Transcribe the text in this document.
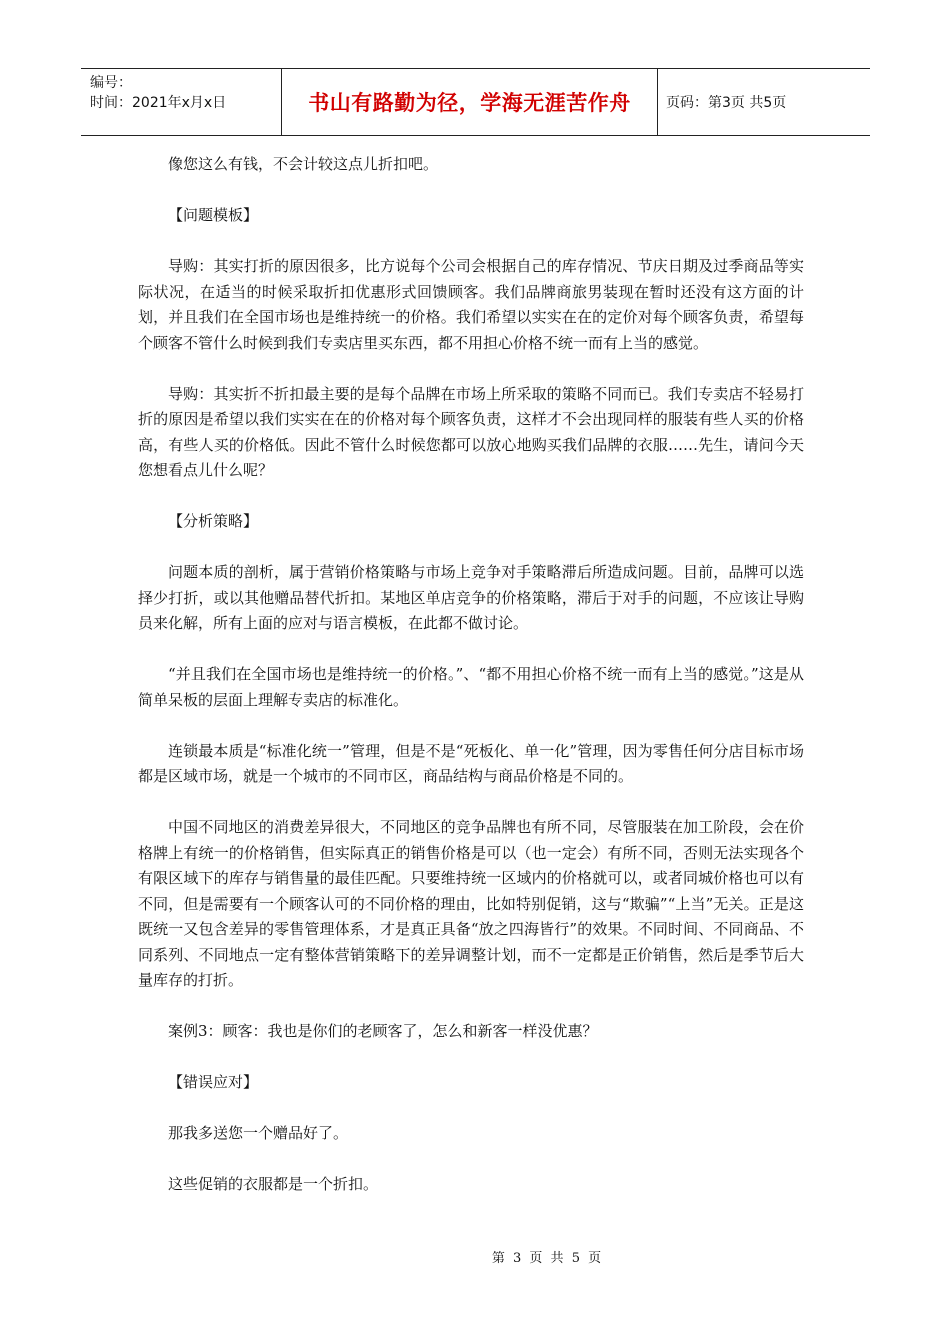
编号：
时间：2021年x月x日	书山有路勤为径，学海无涯苦作舟	页码：第3页 共5页

像您这么有钱，不会计较这点儿折扣吧。

【问题模板】

导购：其实打折的原因很多，比方说每个公司会根据自己的库存情况、节庆日期及过季商品等实际状况，在适当的时候采取折扣优惠形式回馈顾客。我们品牌商旅男装现在暂时还没有这方面的计划，并且我们在全国市场也是维持统一的价格。我们希望以实实在在的定价对每个顾客负责，希望每个顾客不管什么时候到我们专卖店里买东西，都不用担心价格不统一而有上当的感觉。

导购：其实折不折扣最主要的是每个品牌在市场上所采取的策略不同而已。我们专卖店不轻易打折的原因是希望以我们实实在在的价格对每个顾客负责，这样才不会出现同样的服装有些人买的价格高，有些人买的价格低。因此不管什么时候您都可以放心地购买我们品牌的衣服……先生，请问今天您想看点儿什么呢？

【分析策略】

问题本质的剖析，属于营销价格策略与市场上竞争对手策略滞后所造成问题。目前，品牌可以选择少打折，或以其他赠品替代折扣。某地区单店竞争的价格策略，滞后于对手的问题，不应该让导购员来化解，所有上面的应对与语言模板，在此都不做讨论。

“并且我们在全国市场也是维持统一的价格。”、“都不用担心价格不统一而有上当的感觉。”这是从简单呆板的层面上理解专卖店的标准化。

连锁最本质是“标准化统一”管理，但是不是“死板化、单一化”管理，因为零售任何分店目标市场都是区域市场，就是一个城市的不同市区，商品结构与商品价格是不同的。

中国不同地区的消费差异很大，不同地区的竞争品牌也有所不同，尽管服装在加工阶段，会在价格牌上有统一的价格销售，但实际真正的销售价格是可以（也一定会）有所不同，否则无法实现各个有限区域下的库存与销售量的最佳匹配。只要维持统一区域内的价格就可以，或者同城价格也可以有不同，但是需要有一个顾客认可的不同价格的理由，比如特别促销，这与“欺骗”“上当”无关。正是这既统一又包含差异的零售管理体系，才是真正具备“放之四海皆行”的效果。不同时间、不同商品、不同系列、不同地点一定有整体营销策略下的差异调整计划，而不一定都是正价销售，然后是季节后大量库存的打折。

案例3：顾客：我也是你们的老顾客了，怎么和新客一样没优惠？

【错误应对】

那我多送您一个赠品好了。

这些促销的衣服都是一个折扣。

第 3 页 共 5 页
